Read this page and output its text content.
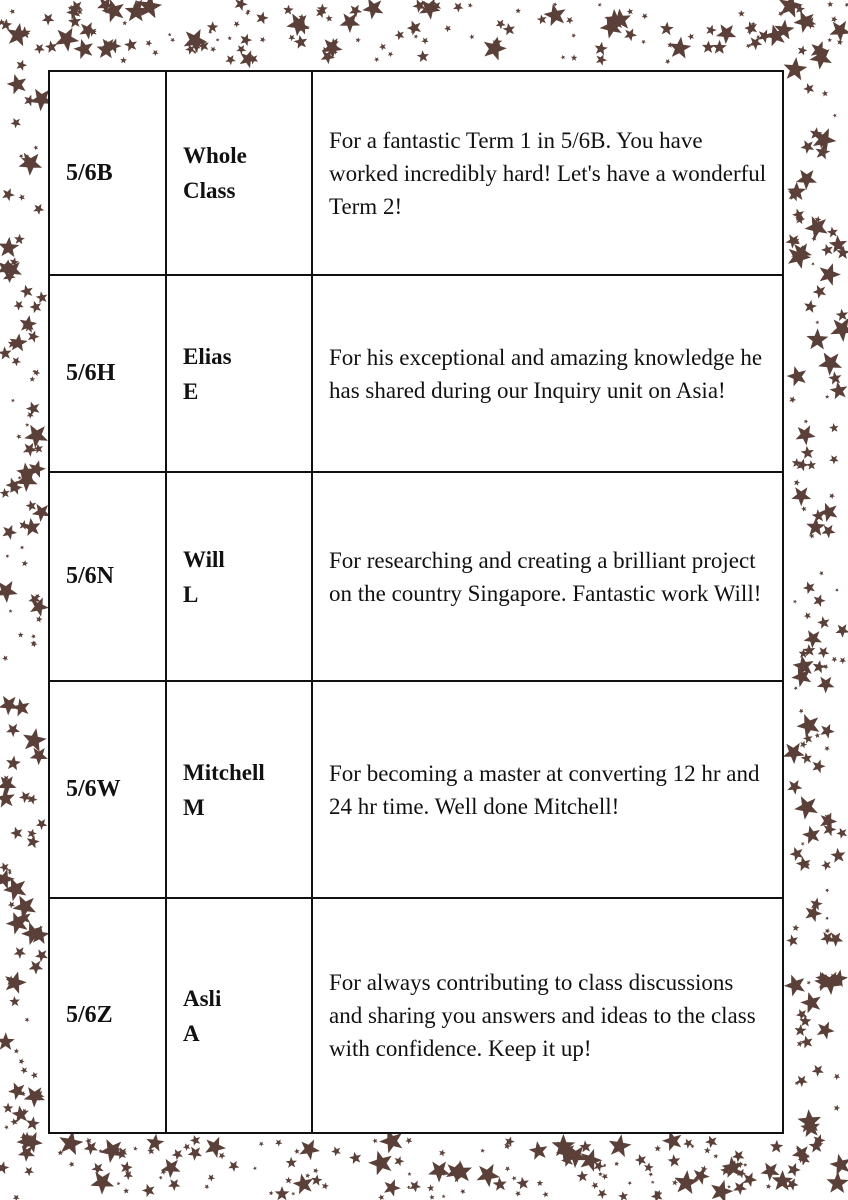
5/6B
Whole
Class
For a fantastic Term 1 in 5/6B. You have worked incredibly hard! Let's have a wonderful Term 2!
5/6H
Elias
E
For his exceptional and amazing knowledge he has shared during our Inquiry unit on Asia!
5/6N
Will
L
For researching and creating a brilliant project on the country Singapore. Fantastic work Will!
5/6W
Mitchell
M
For becoming a master at converting 12 hr and 24 hr time. Well done Mitchell!
5/6Z
Asli
A
For always contributing to class discussions and sharing you answers and ideas to the class with confidence. Keep it up!
